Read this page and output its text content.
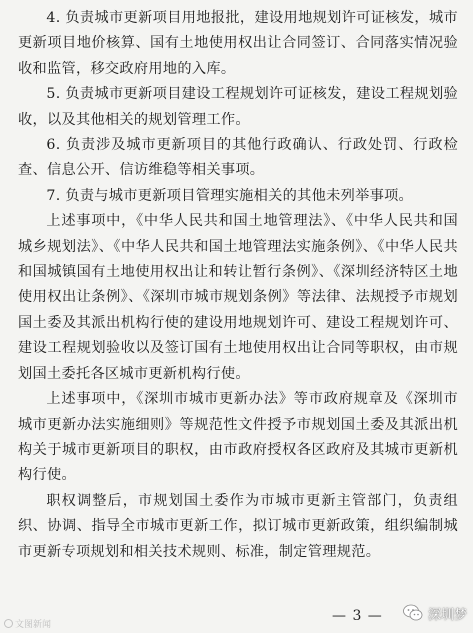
4. 负责城市更新项目用地报批，建设用地规划许可证核发，城市更新项目地价核算、国有土地使用权出让合同签订、合同落实情况验收和监管，移交政府用地的入库。

5. 负责城市更新项目建设工程规划许可证核发，建设工程规划验收，以及其他相关的规划管理工作。

6. 负责涉及城市更新项目的其他行政确认、行政处罚、行政检查、信息公开、信访维稳等相关事项。

7. 负责与城市更新项目管理实施相关的其他未列举事项。

上述事项中，《中华人民共和国土地管理法》、《中华人民共和国城乡规划法》、《中华人民共和国土地管理法实施条例》、《中华人民共和国城镇国有土地使用权出让和转让暂行条例》、《深圳经济特区土地使用权出让条例》、《深圳市城市规划条例》等法律、法规授予市规划国土委及其派出机构行使的建设用地规划许可、建设工程规划许可、建设工程规划验收以及签订国有土地使用权出让合同等职权，由市规划国土委托各区城市更新机构行使。

上述事项中，《深圳市城市更新办法》等市政府规章及《深圳市城市更新办法实施细则》等规范性文件授予市规划国土委及其派出机构关于城市更新项目的职权，由市政府授权各区政府及其城市更新机构行使。

职权调整后，市规划国土委作为市城市更新主管部门，负责组织、协调、指导全市城市更新工作，拟订城市更新政策，组织编制城市更新专项规划和相关技术规则、标准，制定管理规范。

文图新闻
— 3 —	深圳梦
